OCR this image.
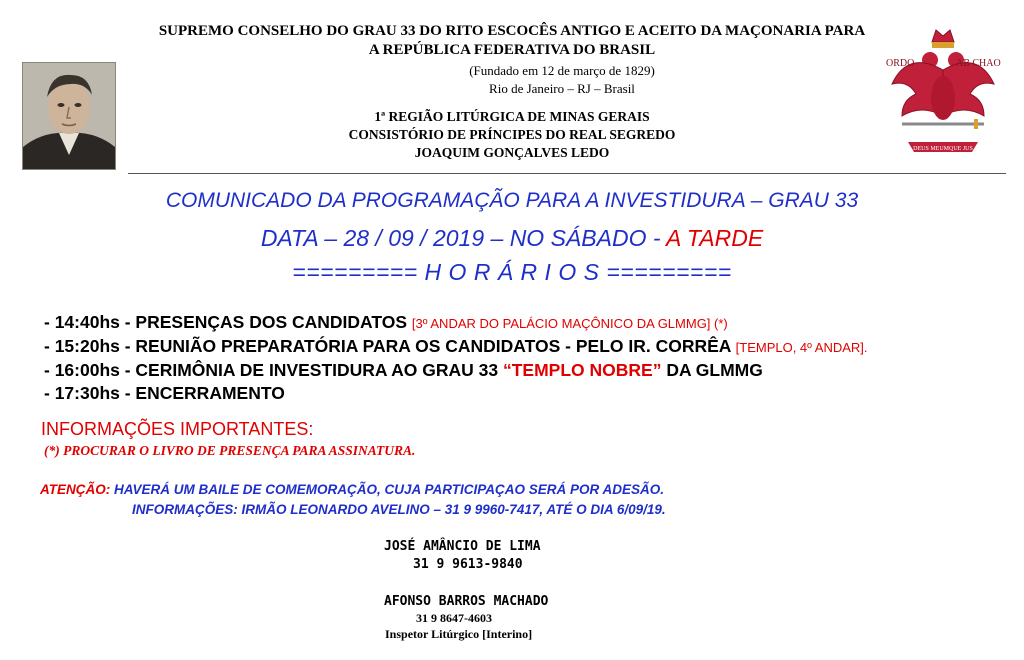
SUPREMO CONSELHO DO GRAU 33 DO RITO ESCOCÊS ANTIGO E ACEITO DA MAÇONARIA PARA
A REPÚBLICA FEDERATIVA DO BRASIL
(Fundado em 12 de março de 1829)
Rio de Janeiro – RJ – Brasil
1ª REGIÃO LITÚRGICA DE MINAS GERAIS
CONSISTÓRIO DE PRÍNCIPES DO REAL SEGREDO
JOAQUIM GONÇALVES LEDO	DEUS MEUMQUE JUS
ORDO	AB CHAO
COMUNICADO DA PROGRAMAÇÃO PARA A INVESTIDURA – GRAU 33
DATA – 28 / 09 / 2019 – NO SÁBADO - A TARDE
========= H O R Á R I O S =========
- 14:40hs - PRESENÇAS DOS CANDIDATOS [3º ANDAR DO PALÁCIO MAÇÔNICO DA GLMMG] (*)
- 15:20hs - REUNIÃO PREPARATÓRIA PARA OS CANDIDATOS - PELO IR. CORRÊA [TEMPLO, 4º ANDAR].
- 16:00hs - CERIMÔNIA DE INVESTIDURA AO GRAU 33 “TEMPLO NOBRE” DA GLMMG
- 17:30hs - ENCERRAMENTO
INFORMAÇÕES IMPORTANTES:
(*) PROCURAR O LIVRO DE PRESENÇA PARA ASSINATURA.
ATENÇÃO: HAVERÁ UM BAILE DE COMEMORAÇÃO, CUJA PARTICIPAÇAO SERÁ POR ADESÃO.
INFORMAÇÕES: IRMÃO LEONARDO AVELINO – 31 9 9960-7417, ATÉ O DIA 6/09/19.
JOSÉ AMÂNCIO DE LIMA
31 9 9613-9840
AFONSO BARROS MACHADO
31 9 8647-4603
Inspetor Litúrgico [Interino]
